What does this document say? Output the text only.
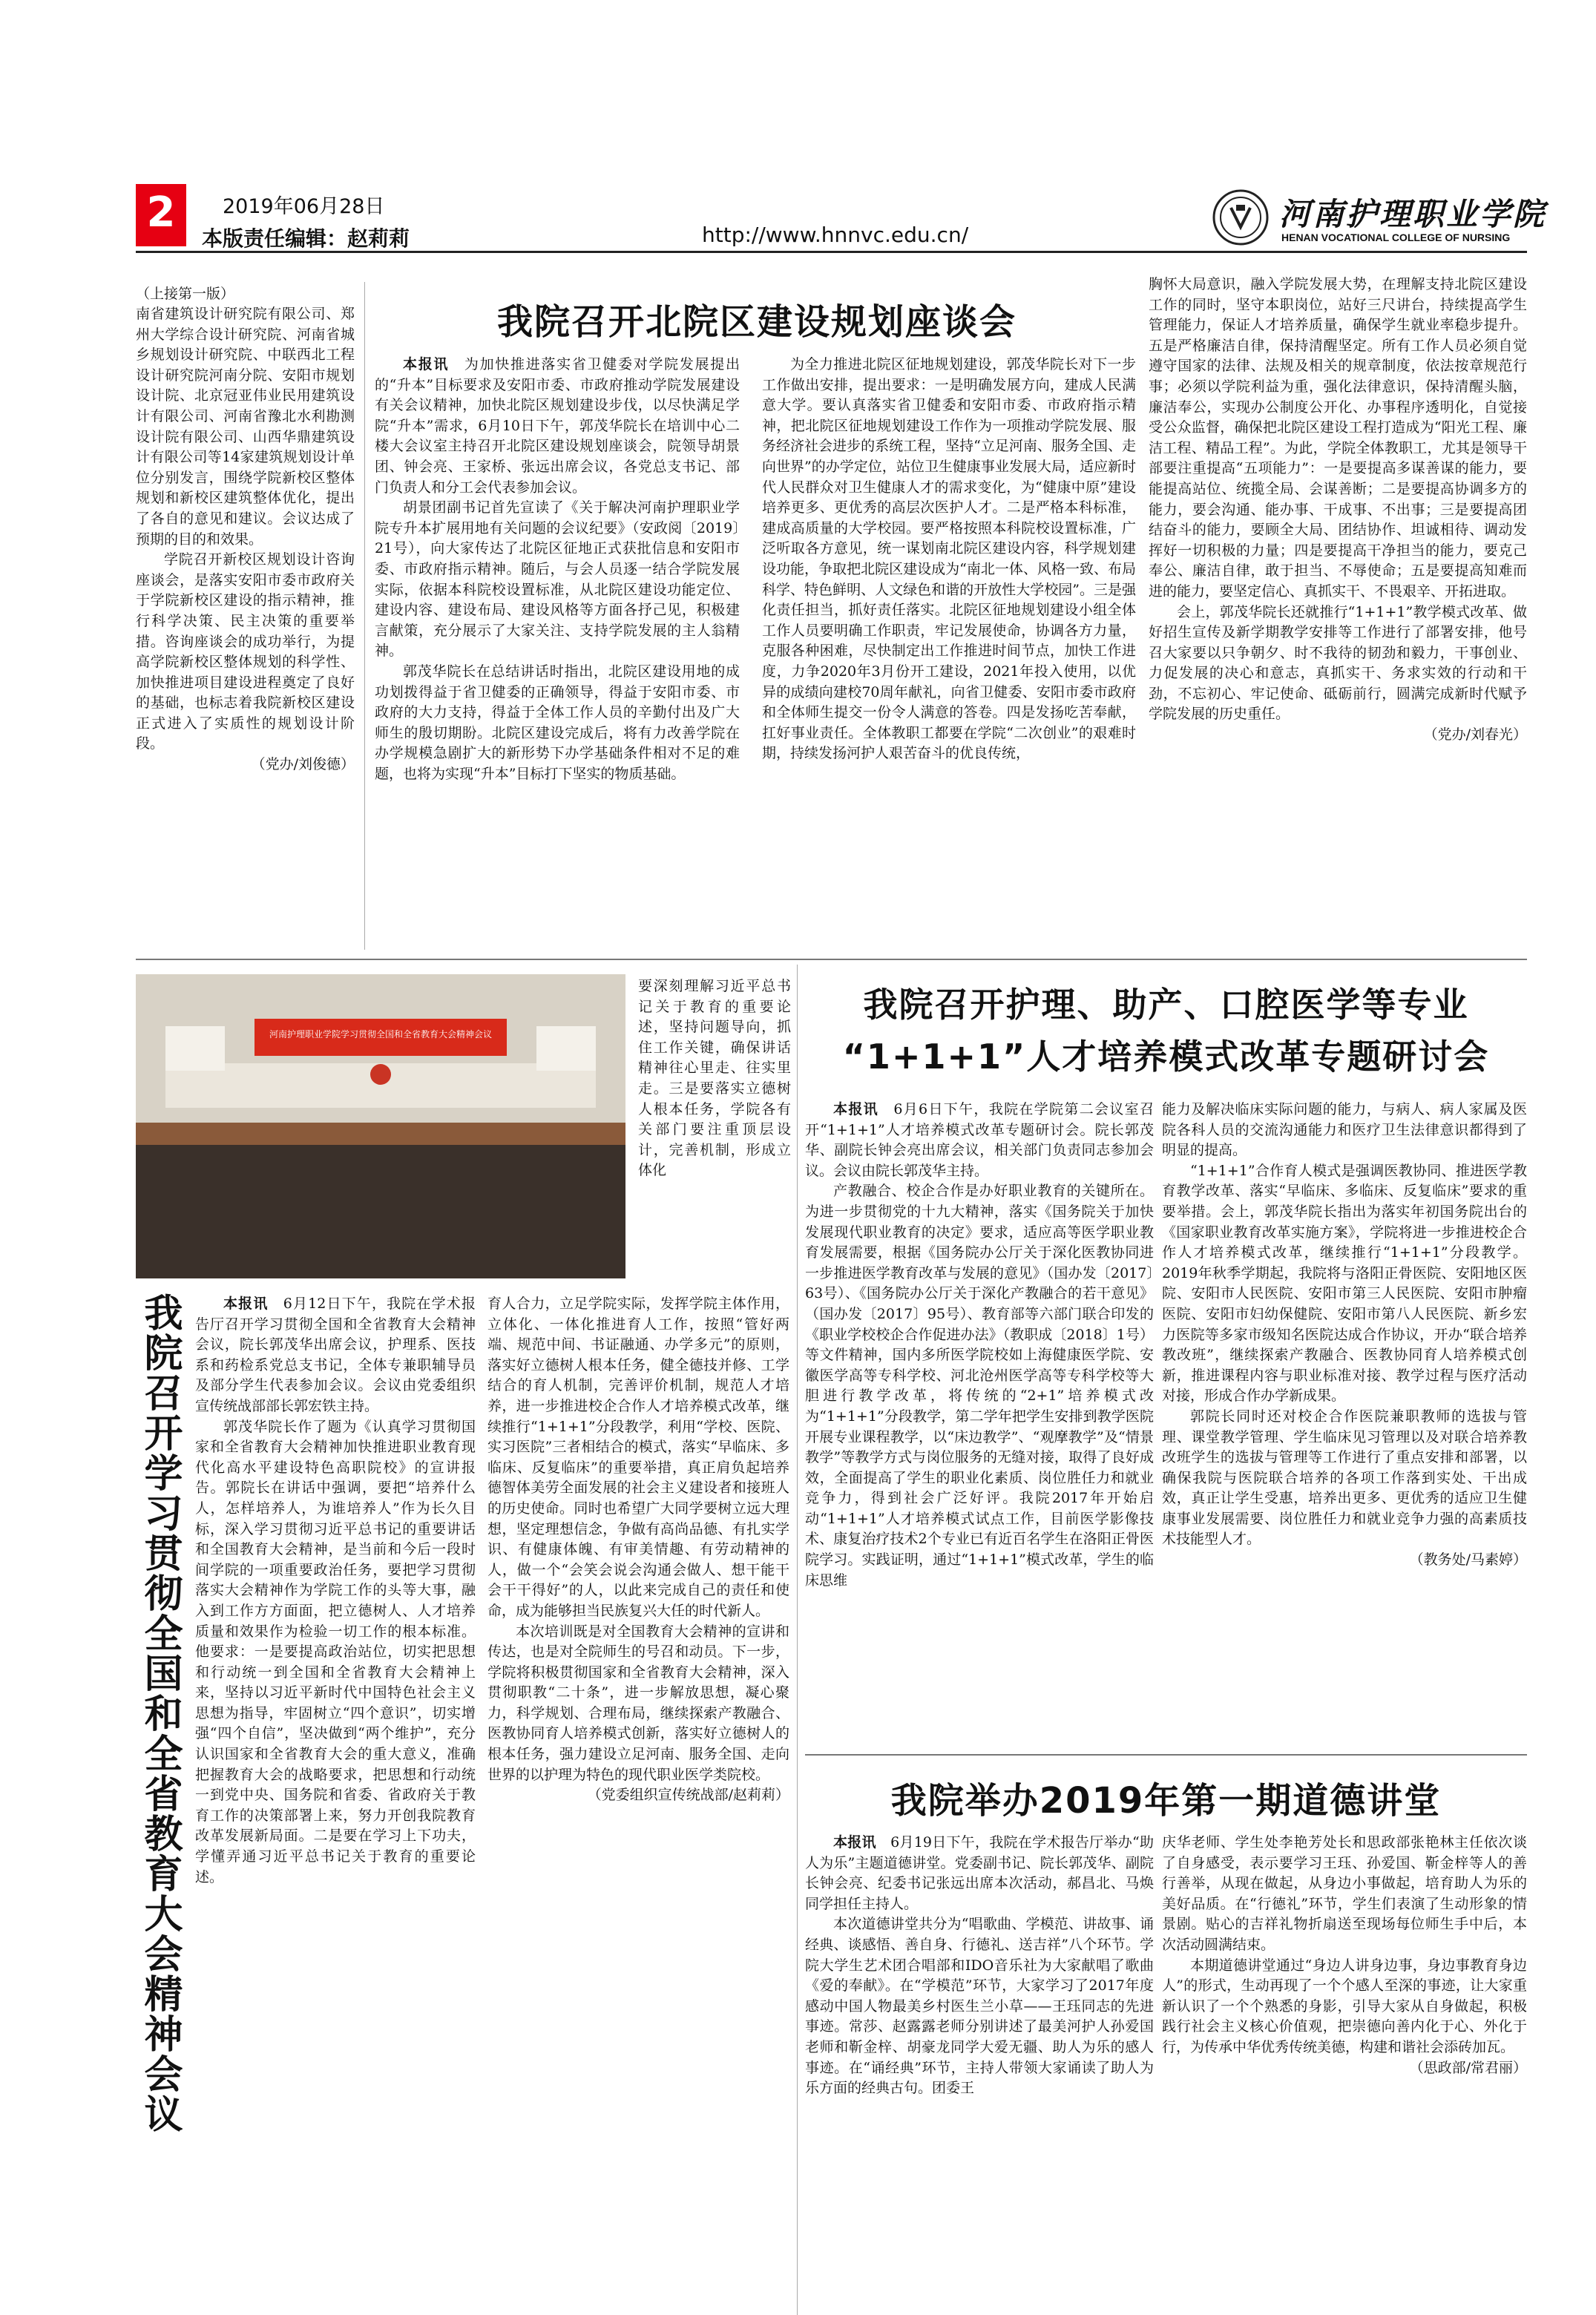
2	2019年06月28日
本版责任编辑：赵莉莉	http://www.hnnvc.edu.cn/
河南护理职业学院
HENAN VOCATIONAL COLLEGE OF NURSING
（上接第一版）

南省建筑设计研究院有限公司、郑州大学综合设计研究院、河南省城乡规划设计研究院、中联西北工程设计研究院河南分院、安阳市规划设计院、北京冠亚伟业民用建筑设计有限公司、河南省豫北水利勘测设计院有限公司、山西华鼎建筑设计有限公司等14家建筑规划设计单位分别发言，围绕学院新校区整体规划和新校区建筑整体优化，提出了各自的意见和建议。会议达成了预期的目的和效果。

学院召开新校区规划设计咨询座谈会，是落实安阳市委市政府关于学院新校区建设的指示精神，推行科学决策、民主决策的重要举措。咨询座谈会的成功举行，为提高学院新校区整体规划的科学性、加快推进项目建设进程奠定了良好的基础，也标志着我院新校区建设正式进入了实质性的规划设计阶段。

（党办/刘俊德）

我院召开北院区建设规划座谈会

本报讯　 为加快推进落实省卫健委对学院发展提出的“升本”目标要求及安阳市委、市政府推动学院发展建设有关会议精神，加快北院区规划建设步伐，以尽快满足学院“升本”需求，6月10日下午，郭茂华院长在培训中心二楼大会议室主持召开北院区建设规划座谈会，院领导胡景团、钟会亮、王家桥、张远出席会议，各党总支书记、部门负责人和分工会代表参加会议。

胡景团副书记首先宣读了《关于解决河南护理职业学院专升本扩展用地有关问题的会议纪要》（安政阅〔2019〕21号），向大家传达了北院区征地正式获批信息和安阳市委、市政府指示精神。随后，与会人员逐一结合学院发展实际，依据本科院校设置标准，从北院区建设功能定位、建设内容、建设布局、建设风格等方面各抒己见，积极建言献策，充分展示了大家关注、支持学院发展的主人翁精神。

郭茂华院长在总结讲话时指出，北院区建设用地的成功划拨得益于省卫健委的正确领导，得益于安阳市委、市政府的大力支持，得益于全体工作人员的辛勤付出及广大师生的殷切期盼。北院区建设完成后，将有力改善学院在办学规模急剧扩大的新形势下办学基础条件相对不足的难题，也将为实现“升本”目标打下坚实的物质基础。

为全力推进北院区征地规划建设，郭茂华院长对下一步工作做出安排，提出要求：一是明确发展方向，建成人民满意大学。要认真落实省卫健委和安阳市委、市政府指示精神，把北院区征地规划建设工作作为一项推动学院发展、服务经济社会进步的系统工程，坚持“立足河南、服务全国、走向世界”的办学定位，站位卫生健康事业发展大局，适应新时代人民群众对卫生健康人才的需求变化，为“健康中原”建设培养更多、更优秀的高层次医护人才。二是严格本科标准，建成高质量的大学校园。要严格按照本科院校设置标准，广泛听取各方意见，统一谋划南北院区建设内容，科学规划建设功能，争取把北院区建设成为“南北一体、风格一致、布局科学、特色鲜明、人文绿色和谐的开放性大学校园”。三是强化责任担当，抓好责任落实。北院区征地规划建设小组全体工作人员要明确工作职责，牢记发展使命，协调各方力量，克服各种困难，尽快制定出工作推进时间节点，加快工作进度，力争2020年3月份开工建设，2021年投入使用，以优异的成绩向建校70周年献礼，向省卫健委、安阳市委市政府和全体师生提交一份令人满意的答卷。四是发扬吃苦奉献，扛好事业责任。全体教职工都要在学院“二次创业”的艰难时期，持续发扬河护人艰苦奋斗的优良传统，

胸怀大局意识，融入学院发展大势，在理解支持北院区建设工作的同时，坚守本职岗位，站好三尺讲台，持续提高学生管理能力，保证人才培养质量，确保学生就业率稳步提升。五是严格廉洁自律，保持清醒坚定。所有工作人员必须自觉遵守国家的法律、法规及相关的规章制度，依法按章规范行事；必须以学院利益为重，强化法律意识，保持清醒头脑，廉洁奉公，实现办公制度公开化、办事程序透明化，自觉接受公众监督，确保把北院区建设工程打造成为“阳光工程、廉洁工程、精品工程”。为此，学院全体教职工，尤其是领导干部要注重提高“五项能力”：一是要提高多谋善谋的能力，要能提高站位、统揽全局、会谋善断；二是要提高协调多方的能力，要会沟通、能办事、干成事、不出事；三是要提高团结奋斗的能力，要顾全大局、团结协作、坦诚相待、调动发挥好一切积极的力量；四是要提高干净担当的能力，要克己奉公、廉洁自律，敢于担当、不辱使命；五是要提高知难而进的能力，要坚定信心、真抓实干、不畏艰辛、开拓进取。

会上，郭茂华院长还就推行“1+1+1”教学模式改革、做好招生宣传及新学期教学安排等工作进行了部署安排，他号召大家要以只争朝夕、时不我待的韧劲和毅力，干事创业、力促发展的决心和意志，真抓实干、务求实效的行动和干劲，不忘初心、牢记使命、砥砺前行，圆满完成新时代赋予学院发展的历史重任。

（党办/刘春光）

河南护理职业学院学习贯彻全国和全省教育大会精神会议
我院召开学习贯彻全国和全省教育大会精神会议

要深刻理解习近平总书记关于教育的重要论述，坚持问题导向，抓住工作关键，确保讲话精神往心里走、往实里走。三是要落实立德树人根本任务，学院各有关部门要注重顶层设计，完善机制，形成立体化

本报讯　 6月12日下午，我院在学术报告厅召开学习贯彻全国和全省教育大会精神会议，院长郭茂华出席会议，护理系、医技系和药检系党总支书记，全体专兼职辅导员及部分学生代表参加会议。会议由党委组织宣传统战部部长郭宏铁主持。

郭茂华院长作了题为《认真学习贯彻国家和全省教育大会精神加快推进职业教育现代化高水平建设特色高职院校》的宣讲报告。郭院长在讲话中强调，要把“培养什么人，怎样培养人，为谁培养人”作为长久目标，深入学习贯彻习近平总书记的重要讲话和全国教育大会精神，是当前和今后一段时间学院的一项重要政治任务，要把学习贯彻落实大会精神作为学院工作的头等大事，融入到工作方方面面，把立德树人、人才培养质量和效果作为检验一切工作的根本标准。他要求：一是要提高政治站位，切实把思想和行动统一到全国和全省教育大会精神上来，坚持以习近平新时代中国特色社会主义思想为指导，牢固树立“四个意识”，切实增强“四个自信”，坚决做到“两个维护”，充分认识国家和全省教育大会的重大意义，准确把握教育大会的战略要求，把思想和行动统一到党中央、国务院和省委、省政府关于教育工作的决策部署上来，努力开创我院教育改革发展新局面。二是要在学习上下功夫，学懂弄通习近平总书记关于教育的重要论述。

育人合力，立足学院实际，发挥学院主体作用，立体化、一体化推进育人工作，按照“管好两端、规范中间、书证融通、办学多元”的原则，落实好立德树人根本任务，健全德技并修、工学结合的育人机制，完善评价机制，规范人才培养，进一步推进校企合作人才培养模式改革，继续推行“1+1+1”分段教学，利用“学校、医院、实习医院”三者相结合的模式，落实“早临床、多临床、反复临床”的重要举措，真正肩负起培养德智体美劳全面发展的社会主义建设者和接班人的历史使命。同时也希望广大同学要树立远大理想，坚定理想信念，争做有高尚品德、有扎实学识、有健康体魄、有审美情趣、有劳动精神的人，做一个“会笑会说会沟通会做人、想干能干会干干得好”的人，以此来完成自己的责任和使命，成为能够担当民族复兴大任的时代新人。

本次培训既是对全国教育大会精神的宣讲和传达，也是对全院师生的号召和动员。下一步，学院将积极贯彻国家和全省教育大会精神，深入贯彻职教“二十条”，进一步解放思想，凝心聚力，科学规划、合理布局，继续探索产教融合、医教协同育人培养模式创新，落实好立德树人的根本任务，强力建设立足河南、服务全国、走向世界的以护理为特色的现代职业医学类院校。

（党委组织宣传统战部/赵莉莉）

我院召开护理、助产、口腔医学等专业
“1+1+1”人才培养模式改革专题研讨会

本报讯　 6月6日下午，我院在学院第二会议室召开“1+1+1”人才培养模式改革专题研讨会。院长郭茂华、副院长钟会亮出席会议，相关部门负责同志参加会议。会议由院长郭茂华主持。

产教融合、校企合作是办好职业教育的关键所在。为进一步贯彻党的十九大精神，落实《国务院关于加快发展现代职业教育的决定》要求，适应高等医学职业教育发展需要，根据《国务院办公厅关于深化医教协同进一步推进医学教育改革与发展的意见》（国办发〔2017〕63号）、《国务院办公厅关于深化产教融合的若干意见》（国办发〔2017〕95号）、教育部等六部门联合印发的《职业学校校企合作促进办法》（教职成〔2018〕1号）等文件精神，国内多所医学院校如上海健康医学院、安徽医学高等专科学校、河北沧州医学高等专科学校等大胆进行教学改革，将传统的“2+1”培养模式改为“1+1+1”分段教学，第二学年把学生安排到教学医院开展专业课程教学，以“床边教学”、“观摩教学”及“情景教学”等教学方式与岗位服务的无缝对接，取得了良好成效，全面提高了学生的职业化素质、岗位胜任力和就业竞争力，得到社会广泛好评。我院2017年开始启动“1+1+1”人才培养模式试点工作，目前医学影像技术、康复治疗技术2个专业已有近百名学生在洛阳正骨医院学习。实践证明，通过“1+1+1”模式改革，学生的临床思维

能力及解决临床实际问题的能力，与病人、病人家属及医院各科人员的交流沟通能力和医疗卫生法律意识都得到了明显的提高。

“1+1+1”合作育人模式是强调医教协同、推进医学教育教学改革、落实“早临床、多临床、反复临床”要求的重要举措。会上，郭茂华院长指出为落实年初国务院出台的《国家职业教育改革实施方案》，学院将进一步推进校企合作人才培养模式改革，继续推行“1+1+1”分段教学。2019年秋季学期起，我院将与洛阳正骨医院、安阳地区医院、安阳市人民医院、安阳市第三人民医院、安阳市肿瘤医院、安阳市妇幼保健院、安阳市第八人民医院、新乡宏力医院等多家市级知名医院达成合作协议，开办“联合培养教改班”，继续探索产教融合、医教协同育人培养模式创新，推进课程内容与职业标准对接、教学过程与医疗活动对接，形成合作办学新成果。

郭院长同时还对校企合作医院兼职教师的选拔与管理、课堂教学管理、学生临床见习管理以及对联合培养教改班学生的选拔与管理等工作进行了重点安排和部署，以确保我院与医院联合培养的各项工作落到实处、干出成效，真正让学生受惠，培养出更多、更优秀的适应卫生健康事业发展需要、岗位胜任力和就业竞争力强的高素质技术技能型人才。

（教务处/马素婷）

我院举办2019年第一期道德讲堂

本报讯　 6月19日下午，我院在学术报告厅举办“助人为乐”主题道德讲堂。党委副书记、院长郭茂华、副院长钟会亮、纪委书记张远出席本次活动，郝昌北、马焕同学担任主持人。

本次道德讲堂共分为“唱歌曲、学模范、讲故事、诵经典、谈感悟、善自身、行德礼、送吉祥”八个环节。学院大学生艺术团合唱部和IDO音乐社为大家献唱了歌曲《爱的奉献》。在“学模范”环节，大家学习了2017年度感动中国人物最美乡村医生兰小草——王珏同志的先进事迹。常莎、赵露露老师分别讲述了最美河护人孙爱国老师和靳金梓、胡豪龙同学大爱无疆、助人为乐的感人事迹。在“诵经典”环节，主持人带领大家诵读了助人为乐方面的经典古句。团委王

庆华老师、学生处李艳芳处长和思政部张艳林主任依次谈了自身感受，表示要学习王珏、孙爱国、靳金梓等人的善行善举，从现在做起，从身边小事做起，培育助人为乐的美好品质。在“行德礼”环节，学生们表演了生动形象的情景剧。贴心的吉祥礼物折扇送至现场每位师生手中后，本次活动圆满结束。

本期道德讲堂通过“身边人讲身边事，身边事教育身边人”的形式，生动再现了一个个感人至深的事迹，让大家重新认识了一个个熟悉的身影，引导大家从自身做起，积极践行社会主义核心价值观，把崇德向善内化于心、外化于行，为传承中华优秀传统美德，构建和谐社会添砖加瓦。

（思政部/常君丽）
